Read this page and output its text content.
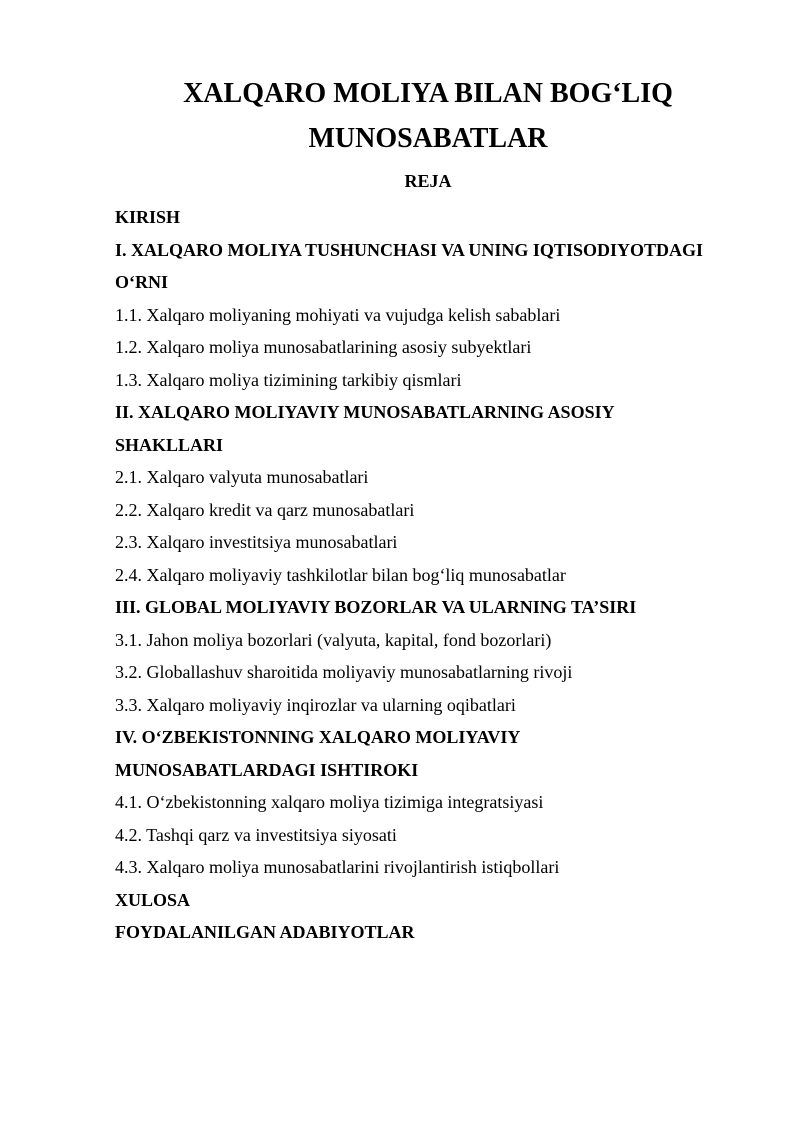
XALQARO MOLIYA BILAN BOG‘LIQ
MUNOSABATLAR
REJA
KIRISH
I. XALQARO MOLIYA TUSHUNCHASI VA UNING IQTISODIYOTDAGI
O‘RNI
1.1. Xalqaro moliyaning mohiyati va vujudga kelish sabablari
1.2. Xalqaro moliya munosabatlarining asosiy subyektlari
1.3. Xalqaro moliya tizimining tarkibiy qismlari
II. XALQARO MOLIYAVIY MUNOSABATLARNING ASOSIY
SHAKLLARI
2.1. Xalqaro valyuta munosabatlari
2.2. Xalqaro kredit va qarz munosabatlari
2.3. Xalqaro investitsiya munosabatlari
2.4. Xalqaro moliyaviy tashkilotlar bilan bog‘liq munosabatlar
III. GLOBAL MOLIYAVIY BOZORLAR VA ULARNING TA’SIRI
3.1. Jahon moliya bozorlari (valyuta, kapital, fond bozorlari)
3.2. Globallashuv sharoitida moliyaviy munosabatlarning rivoji
3.3. Xalqaro moliyaviy inqirozlar va ularning oqibatlari
IV. O‘ZBEKISTONNING XALQARO MOLIYAVIY
MUNOSABATLARDAGI ISHTIROKI
4.1. O‘zbekistonning xalqaro moliya tizimiga integratsiyasi
4.2. Tashqi qarz va investitsiya siyosati
4.3. Xalqaro moliya munosabatlarini rivojlantirish istiqbollari
XULOSA
FOYDALANILGAN ADABIYOTLAR
